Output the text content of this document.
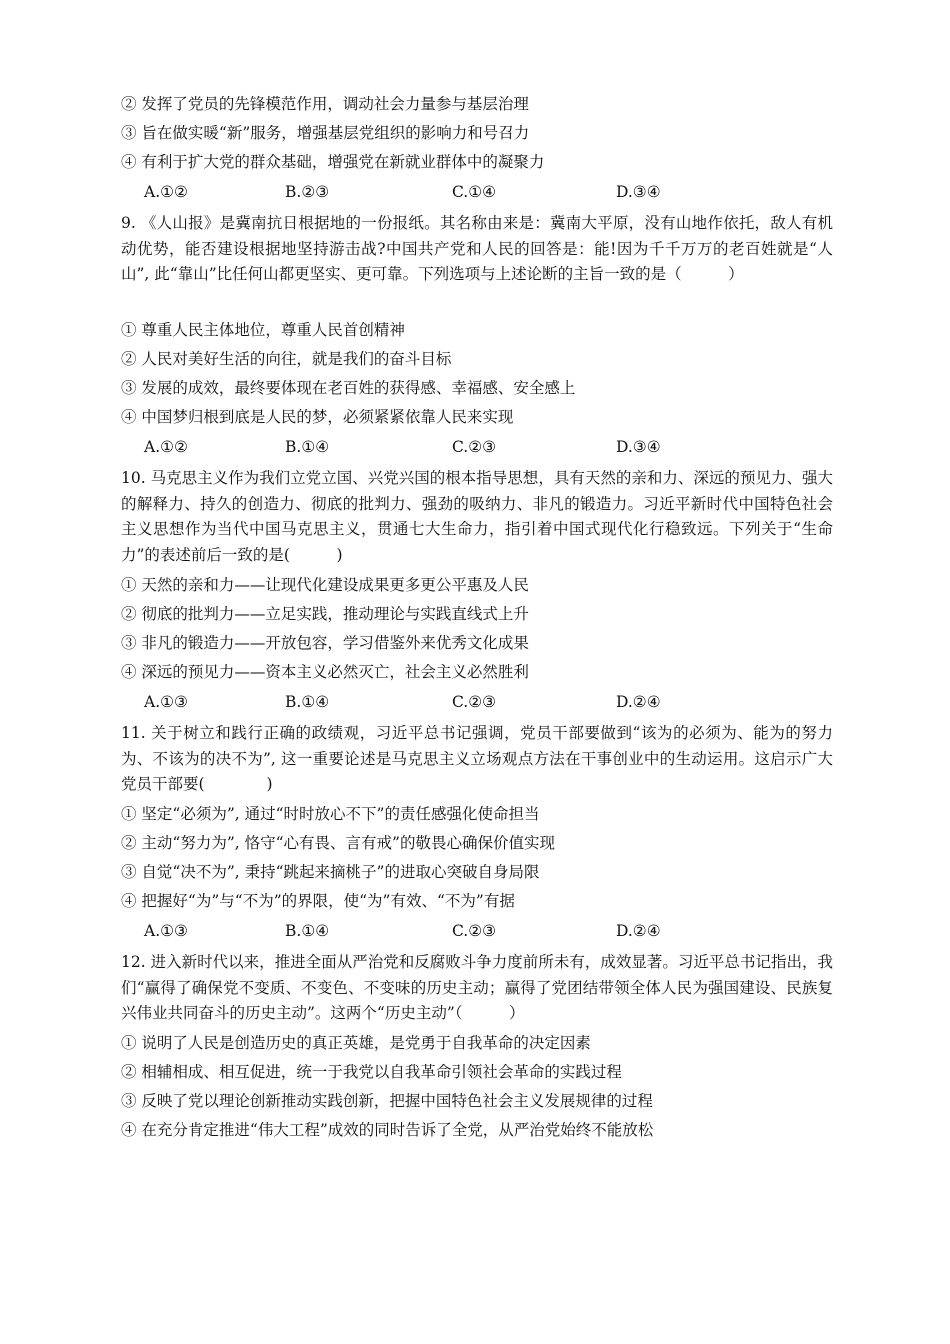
② 发挥了党员的先锋模范作用，调动社会力量参与基层治理
③ 旨在做实暖“新”服务，增强基层党组织的影响力和号召力
④ 有利于扩大党的群众基础，增强党在新就业群体中的凝聚力
A.①②	B.②③	C.①④	D.③④
9. 《人山报》是冀南抗日根据地的一份报纸。其名称由来是：冀南大平原，没有山地作依托，敌人有机动优势，能否建设根据地坚持游击战?中国共产党和人民的回答是：能!因为千千万万的老百姓就是“人山”, 此“靠山”比任何山都更坚实、更可靠。下列选项与上述论断的主旨一致的是（　　　）
① 尊重人民主体地位，尊重人民首创精神
② 人民对美好生活的向往，就是我们的奋斗目标
③ 发展的成效，最终要体现在老百姓的获得感、幸福感、安全感上
④ 中国梦归根到底是人民的梦，必须紧紧依靠人民来实现
A.①②	B.①④	C.②③	D.③④
10. 马克思主义作为我们立党立国、兴党兴国的根本指导思想，具有天然的亲和力、深远的预见力、强大的解释力、持久的创造力、彻底的批判力、强劲的吸纳力、非凡的锻造力。习近平新时代中国特色社会主义思想作为当代中国马克思主义，贯通七大生命力，指引着中国式现代化行稳致远。下列关于“生命力”的表述前后一致的是(　　　)
① 天然的亲和力——让现代化建设成果更多更公平惠及人民
② 彻底的批判力——立足实践，推动理论与实践直线式上升
③ 非凡的锻造力——开放包容，学习借鉴外来优秀文化成果
④ 深远的预见力——资本主义必然灭亡，社会主义必然胜利
A.①③	B.①④	C.②③	D.②④
11. 关于树立和践行正确的政绩观，习近平总书记强调，党员干部要做到“该为的必须为、能为的努力为、不该为的决不为”, 这一重要论述是马克思主义立场观点方法在干事创业中的生动运用。这启示广大党员干部要(　　　　)
① 坚定“必须为”, 通过“时时放心不下”的责任感强化使命担当
② 主动“努力为”, 恪守“心有畏、言有戒”的敬畏心确保价值实现
③ 自觉“决不为”, 秉持“跳起来摘桃子”的进取心突破自身局限
④ 把握好“为”与“不为”的界限，使“为”有效、“不为”有据
A.①③	B.①④	C.②③	D.②④
12. 进入新时代以来，推进全面从严治党和反腐败斗争力度前所未有，成效显著。习近平总书记指出，我们“赢得了确保党不变质、不变色、不变味的历史主动；赢得了党团结带领全体人民为强国建设、民族复兴伟业共同奋斗的历史主动”。这两个“历史主动”（　　　）
① 说明了人民是创造历史的真正英雄，是党勇于自我革命的决定因素
② 相辅相成、相互促进，统一于我党以自我革命引领社会革命的实践过程
③ 反映了党以理论创新推动实践创新，把握中国特色社会主义发展规律的过程
④ 在充分肯定推进“伟大工程”成效的同时告诉了全党，从严治党始终不能放松
